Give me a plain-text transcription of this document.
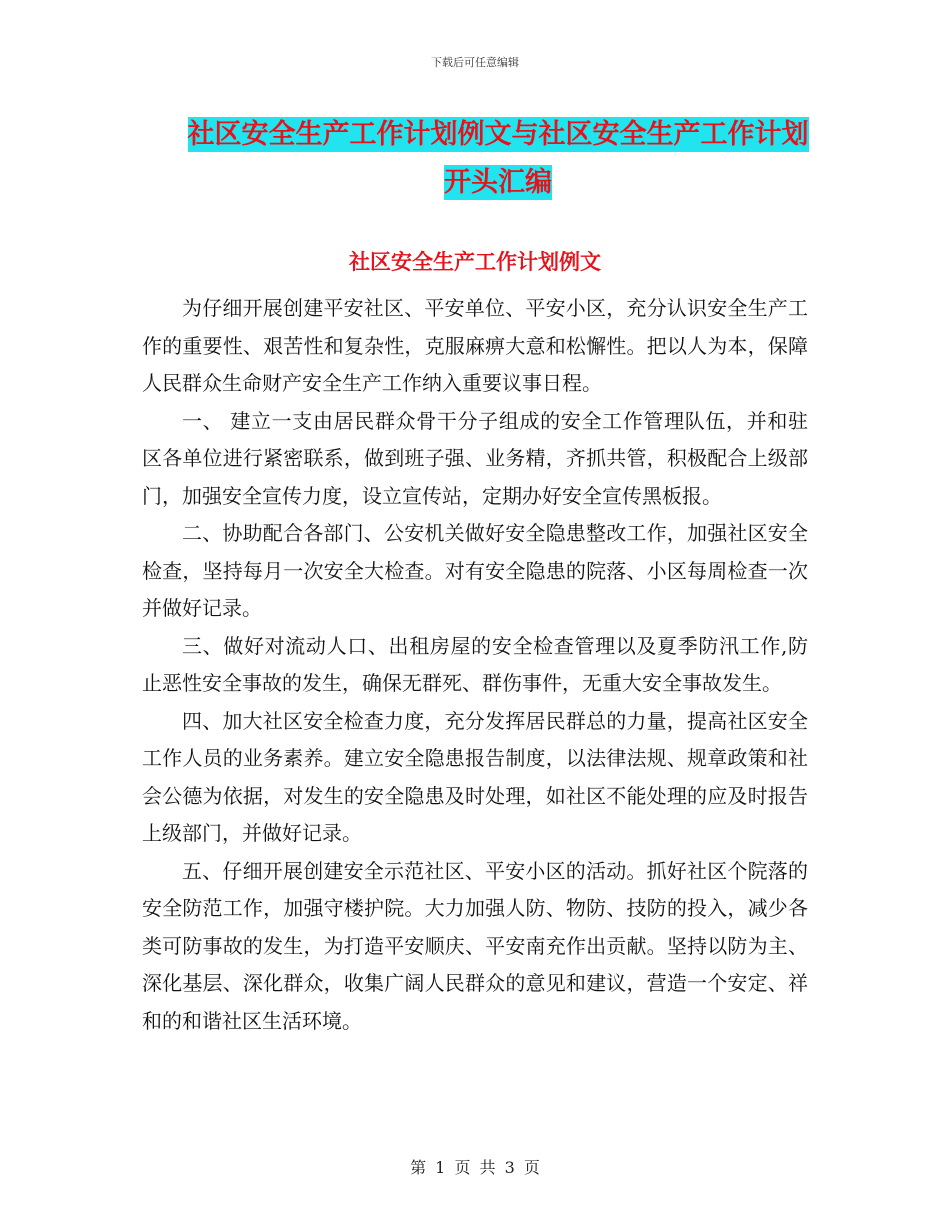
下载后可任意编辑
社区安全生产工作计划例文与社区安全生产工作计划
开头汇编
社区安全生产工作计划例文

为仔细开展创建平安社区、平安单位、平安小区，充分认识安全生产工作的重要性、艰苦性和复杂性，克服麻痹大意和松懈性。把以人为本，保障人民群众生命财产安全生产工作纳入重要议事日程。

一、 建立一支由居民群众骨干分子组成的安全工作管理队伍，并和驻区各单位进行紧密联系，做到班子强、业务精，齐抓共管，积极配合上级部门，加强安全宣传力度，设立宣传站，定期办好安全宣传黑板报。

二、协助配合各部门、公安机关做好安全隐患整改工作，加强社区安全检查，坚持每月一次安全大检查。对有安全隐患的院落、小区每周检查一次并做好记录。

三、做好对流动人口、出租房屋的安全检查管理以及夏季防汛工作,防止恶性安全事故的发生，确保无群死、群伤事件，无重大安全事故发生。

四、加大社区安全检查力度，充分发挥居民群总的力量，提高社区安全工作人员的业务素养。建立安全隐患报告制度，以法律法规、规章政策和社会公德为依据，对发生的安全隐患及时处理，如社区不能处理的应及时报告上级部门，并做好记录。

五、仔细开展创建安全示范社区、平安小区的活动。抓好社区个院落的安全防范工作，加强守楼护院。大力加强人防、物防、技防的投入，减少各类可防事故的发生，为打造平安顺庆、平安南充作出贡献。坚持以防为主、深化基层、深化群众，收集广阔人民群众的意见和建议，营造一个安定、祥和的和谐社区生活环境。

第 1 页 共 3 页
